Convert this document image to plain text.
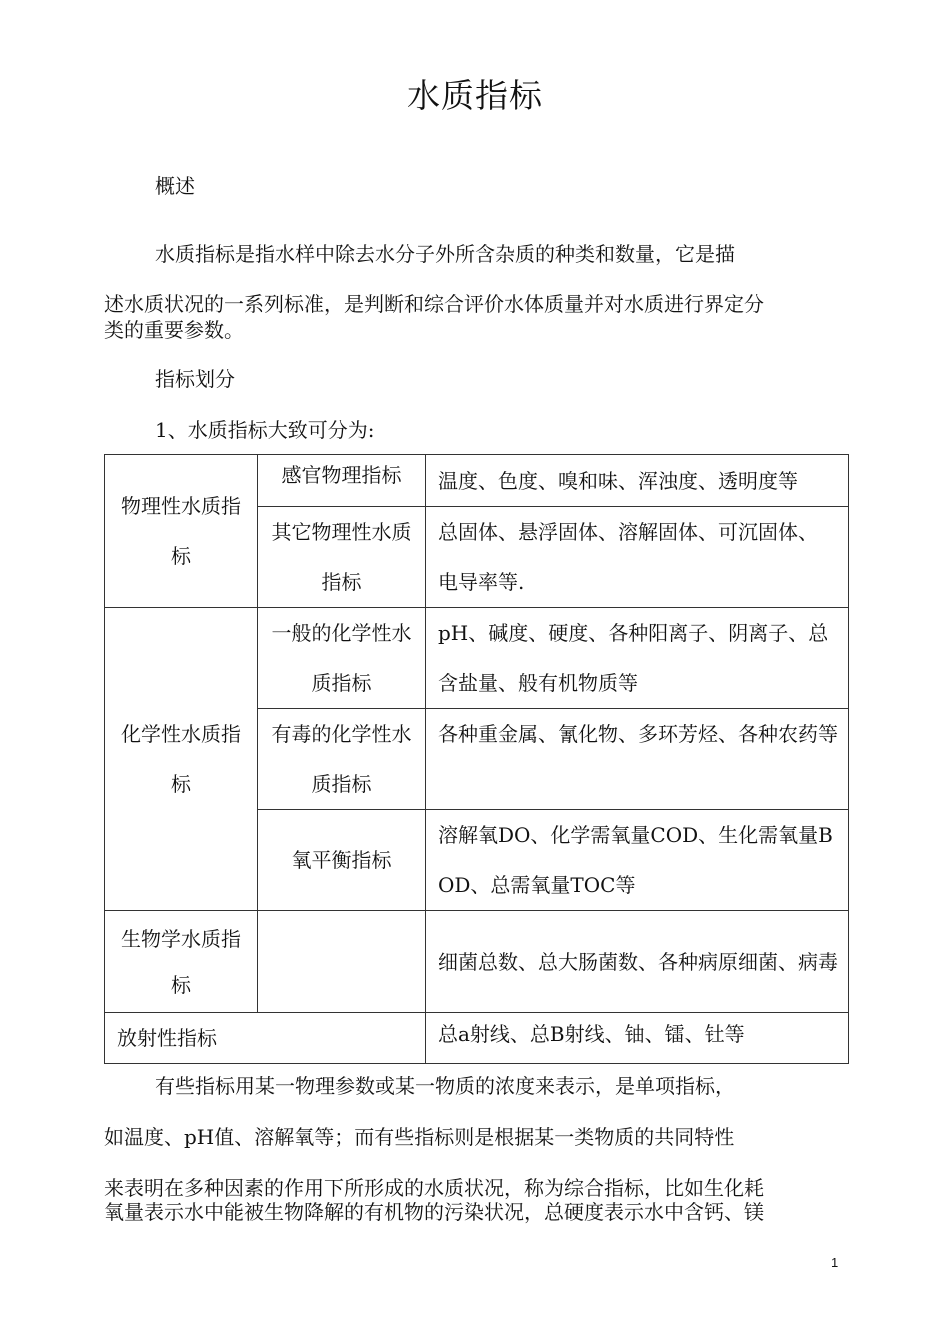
水质指标
概述
水质指标是指水样中除去水分子外所含杂质的种类和数量，它是描
述水质状况的一系列标准，是判断和综合评价水体质量并对水质进行界定分
类的重要参数。
指标划分
1、水质指标大致可分为:
物理性水质指标	感官物理指标	温度、色度、嗅和味、浑浊度、透明度等

	其它物理性水质指标	总固体、悬浮固体、溶解固体、可沉固体、电导率等.

化学性水质指标	一般的化学性水质指标	pH、碱度、硬度、各种阳离子、阴离子、总含盐量、般有机物质等

	有毒的化学性水质指标	各种重金属、氰化物、多环芳烃、各种农药等

	氧平衡指标	溶解氧DO、化学需氧量COD、生化需氧量BOD、总需氧量TOC等

生物学水质指标		细菌总数、总大肠菌数、各种病原细菌、病毒

放射性指标		总a射线、总B射线、铀、镭、钍等
有些指标用某一物理参数或某一物质的浓度来表示，是单项指标，
如温度、pH值、溶解氧等；而有些指标则是根据某一类物质的共同特性
来表明在多种因素的作用下所形成的水质状况，称为综合指标，比如生化耗
氧量表示水中能被生物降解的有机物的污染状况，总硬度表示水中含钙、镁
1
